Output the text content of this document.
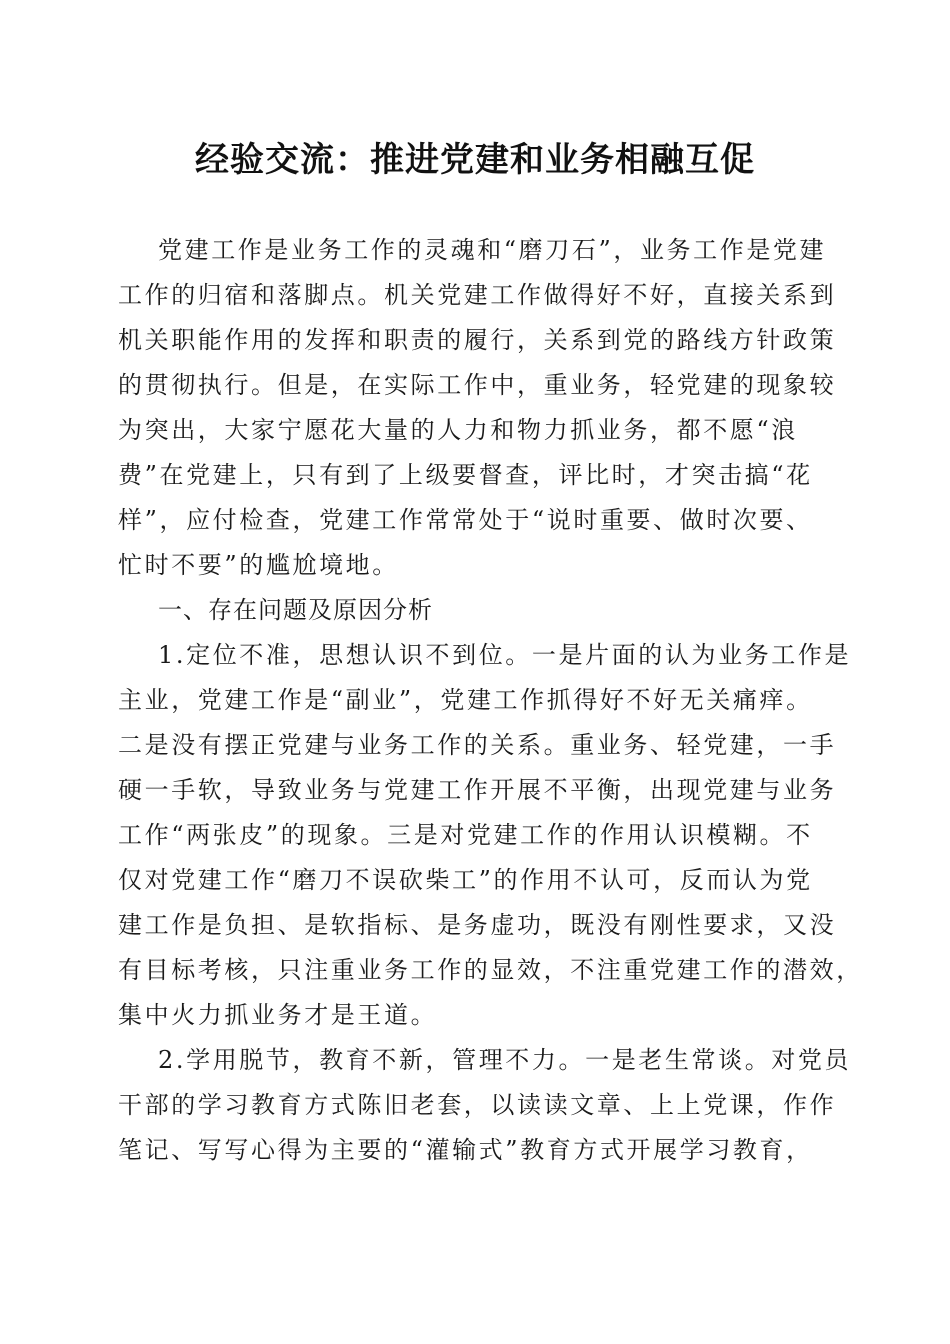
经验交流：推进党建和业务相融互促
党建工作是业务工作的灵魂和“磨刀石”，业务工作是党建
工作的归宿和落脚点。机关党建工作做得好不好，直接关系到
机关职能作用的发挥和职责的履行，关系到党的路线方针政策
的贯彻执行。但是，在实际工作中，重业务，轻党建的现象较
为突出，大家宁愿花大量的人力和物力抓业务，都不愿“浪
费”在党建上，只有到了上级要督查，评比时，才突击搞“花
样”，应付检查，党建工作常常处于“说时重要、做时次要、
忙时不要”的尴尬境地。
一、存在问题及原因分析
1.定位不准，思想认识不到位。一是片面的认为业务工作是
主业，党建工作是“副业”，党建工作抓得好不好无关痛痒。
二是没有摆正党建与业务工作的关系。重业务、轻党建，一手
硬一手软，导致业务与党建工作开展不平衡，出现党建与业务
工作“两张皮”的现象。三是对党建工作的作用认识模糊。不
仅对党建工作“磨刀不误砍柴工”的作用不认可，反而认为党
建工作是负担、是软指标、是务虚功，既没有刚性要求，又没
有目标考核，只注重业务工作的显效，不注重党建工作的潜效，
集中火力抓业务才是王道。
2.学用脱节，教育不新，管理不力。一是老生常谈。对党员
干部的学习教育方式陈旧老套，以读读文章、上上党课，作作
笔记、写写心得为主要的“灌输式”教育方式开展学习教育，
